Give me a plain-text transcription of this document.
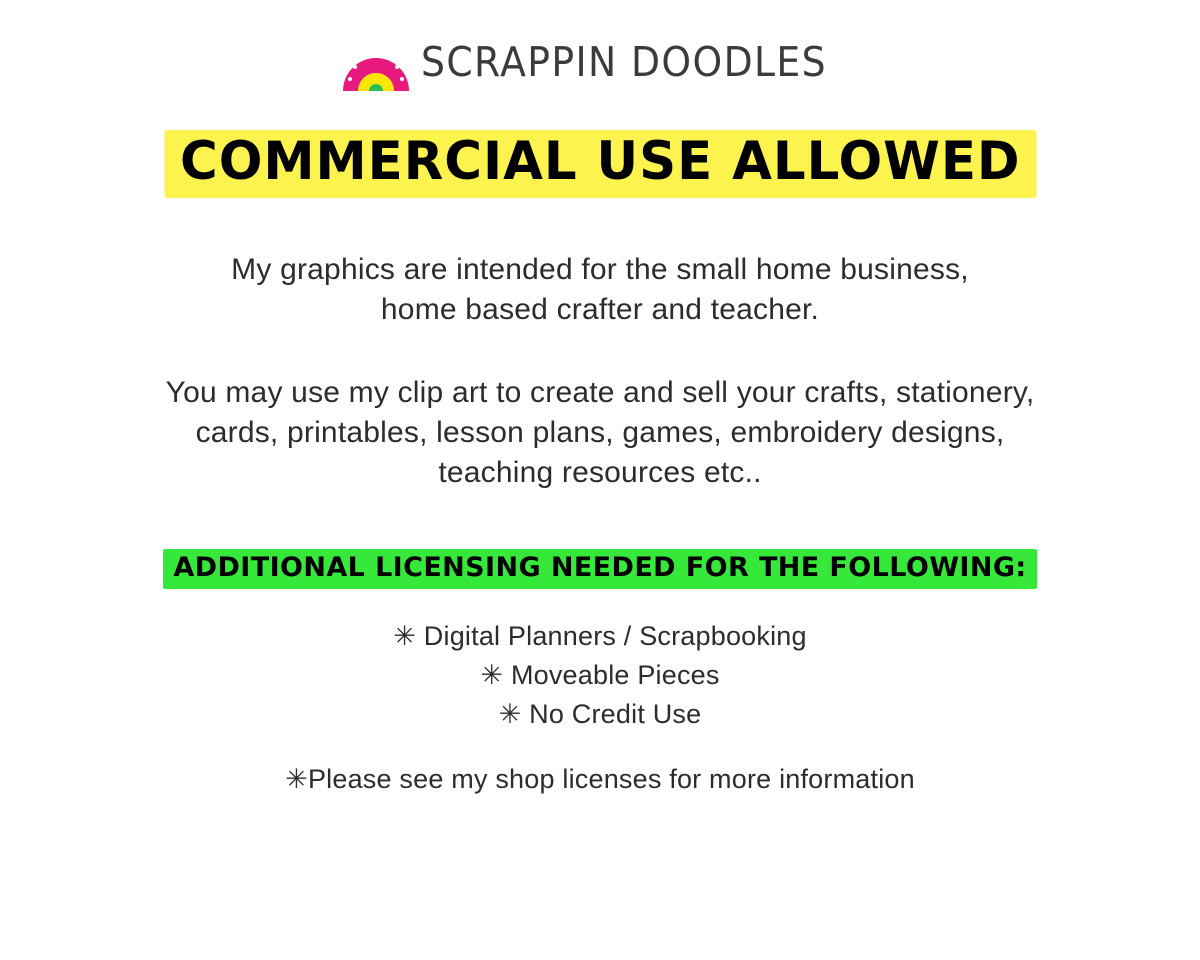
SCRAPPIN DOODLES
COMMERCIAL USE ALLOWED
My graphics are intended for the small home business,
home based crafter and teacher.
You may use my clip art to create and sell your crafts, stationery,
cards, printables, lesson plans, games, embroidery designs,
teaching resources etc..
ADDITIONAL LICENSING NEEDED FOR THE FOLLOWING:
✳ Digital Planners / Scrapbooking
✳ Moveable Pieces
✳ No Credit Use
✳Please see my shop licenses for more information
